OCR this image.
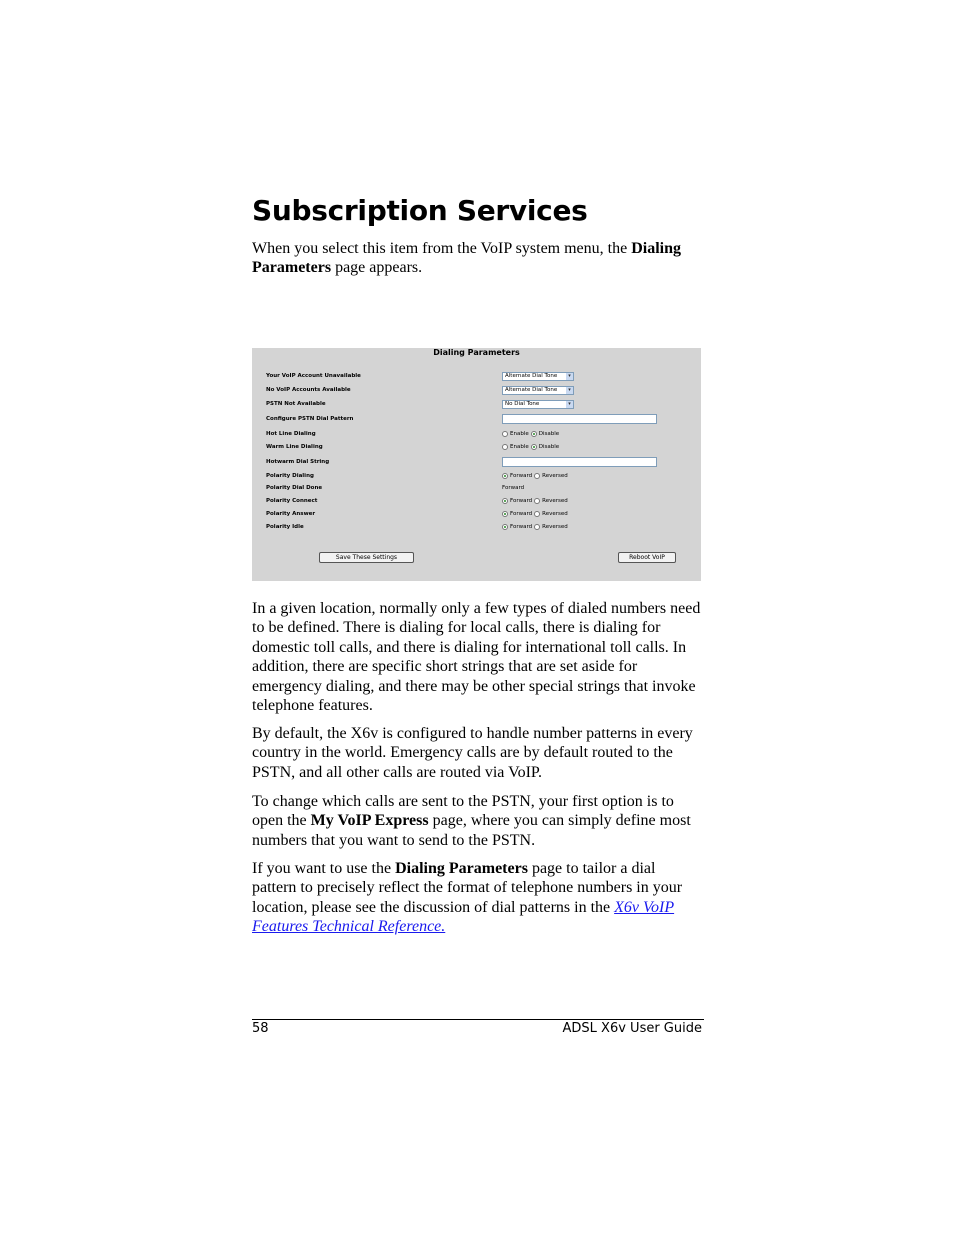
Subscription Services

When you select this item from the VoIP system menu, the Dialing Parameters page appears.

Dialing Parameters
Your VoIP Account Unavailable	Alternate Dial Tone	▾
No VoIP Accounts Available	Alternate Dial Tone	▾
PSTN Not Available	No Dial Tone	▾
Configure PSTN Dial Pattern
Hot Line Dialing	Enable Disable
Warm Line Dialing	Enable Disable
Hotwarm Dial String
Polarity Dialing	Forward Reversed
Polarity Dial Done	Forward
Polarity Connect	Forward Reversed
Polarity Answer	Forward Reversed
Polarity Idle	Forward Reversed
Save These Settings	Reboot VoIP

In a given location, normally only a few types of dialed numbers need to be defined. There is dialing for local calls, there is dialing for domestic toll calls, and there is dialing for international toll calls. In addition, there are specific short strings that are set aside for emergency dialing, and there may be other special strings that invoke telephone features.

By default, the X6v is configured to handle number patterns in every country in the world. Emergency calls are by default routed to the PSTN, and all other calls are routed via VoIP.

To change which calls are sent to the PSTN, your first option is to open the My VoIP Express page, where you can simply define most numbers that you want to send to the PSTN.

If you want to use the Dialing Parameters page to tailor a dial pattern to precisely reflect the format of telephone numbers in your location, please see the discussion of dial patterns in the X6v VoIP Features Technical Reference.

58	ADSL X6v User Guide
